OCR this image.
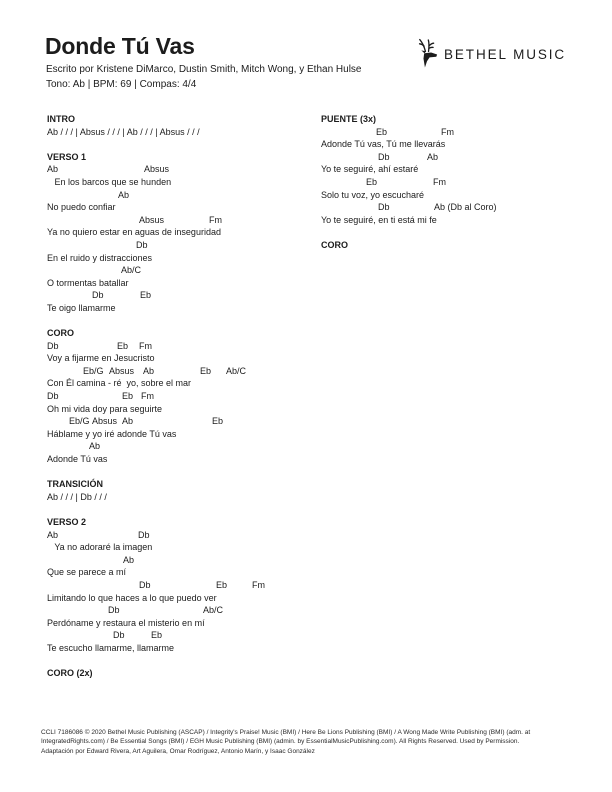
Donde Tú Vas
Escrito por Kristene DiMarco, Dustin Smith, Mitch Wong, y Ethan Hulse
Tono: Ab | BPM: 69 | Compas: 4/4
BETHEL MUSIC
INTRO
Ab / / / | Absus / / / | Ab / / / | Absus / / /
VERSO 1
Ab	Absus
En los barcos que se hunden
Ab
No puedo confiar
Absus	Fm
Ya no quiero estar en aguas de inseguridad
Db
En el ruido y distracciones
Ab/C
O tormentas batallar
Db	Eb
Te oigo llamarme
CORO
Db	Eb Fm
Voy a fijarme en Jesucristo
Eb/G Absus Ab	Eb Ab/C
Con Él camina - ré  yo, sobre el mar
Db	Eb Fm
Oh mi vida doy para seguirte
Eb/G Absus Ab	Eb
Háblame y yo iré adonde Tú vas
Ab
Adonde Tú vas
TRANSICIÓN
Ab / / / | Db / / /
VERSO 2
Ab	Db
Ya no adoraré la imagen
Ab
Que se parece a mí
Db	Eb	Fm
Limitando lo que haces a lo que puedo ver
Db	Ab/C
Perdóname y restaura el misterio en mí
Db	Eb
Te escucho llamarme, llamarme
CORO (2x)
PUENTE (3x)
Eb	Fm
Adonde Tú vas, Tú me llevarás
Db	Ab
Yo te seguiré, ahí estaré
Eb	Fm
Solo tu voz, yo escucharé
Db	Ab (Db al Coro)
Yo te seguiré, en ti está mi fe
CORO
CCLI 7186086 © 2020 Bethel Music Publishing (ASCAP) / Integrity's Praise! Music (BMI) / Here Be Lions Publishing (BMI) / A Wong Made Write Publishing (BMI) (adm. at
IntegratedRights.com) / Be Essential Songs (BMI) / EGH Music Publishing (BMI) (admin. by EssentialMusicPublishing.com). All Rights Reserved. Used by Permission.
Adaptación por Edward Rivera, Art Aguilera, Omar Rodríguez, Antonio Marín, y Isaac González
